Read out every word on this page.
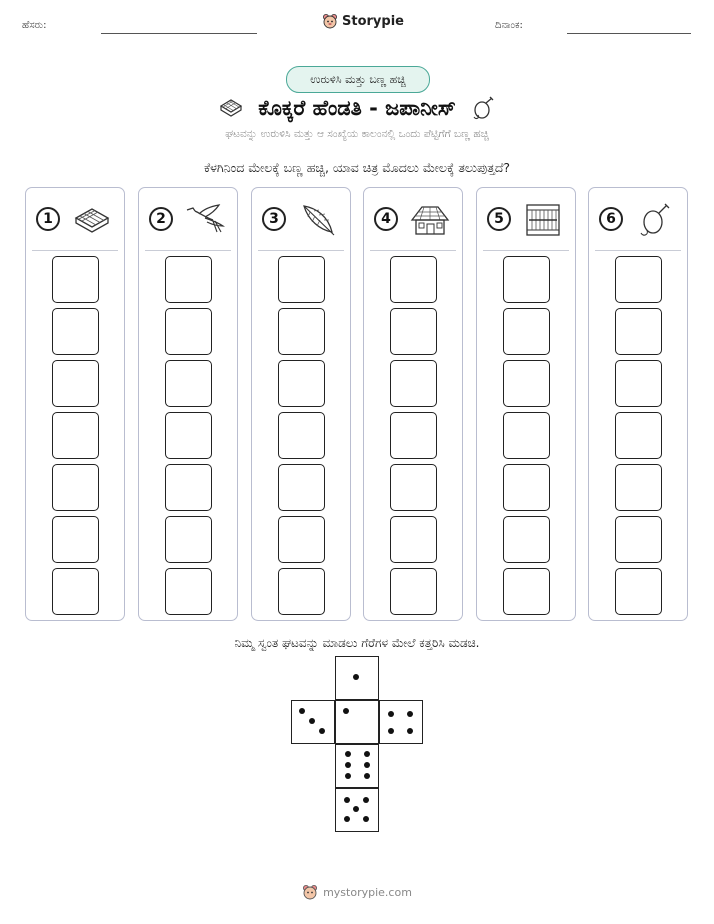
ಹೆಸರು:	Storypie	ದಿನಾಂಕ:
ಉರುಳಿಸಿ ಮತ್ತು ಬಣ್ಣ ಹಚ್ಚಿ
ಕೊಕ್ಕರೆ ಹೆಂಡತಿ - ಜಪಾನೀಸ್
ಘಟವನ್ನು ಉರುಳಿಸಿ ಮತ್ತು ಆ ಸಂಖ್ಯೆಯ ಕಾಲಂನಲ್ಲಿ ಒಂದು ಪೆಟ್ಟಿಗೆಗೆ ಬಣ್ಣ ಹಚ್ಚಿ
ಕೆಳಗಿನಿಂದ ಮೇಲಕ್ಕೆ ಬಣ್ಣ ಹಚ್ಚಿ, ಯಾವ ಚಿತ್ರ ಮೊದಲು ಮೇಲಕ್ಕೆ ತಲುಪುತ್ತದೆ?
1	2	3	4	5	6
ನಿಮ್ಮ ಸ್ವಂತ ಘಟವನ್ನು ಮಾಡಲು ಗೆರೆಗಳ ಮೇಲೆ ಕತ್ತರಿಸಿ ಮಡಚಿ.
mystorypie.com
